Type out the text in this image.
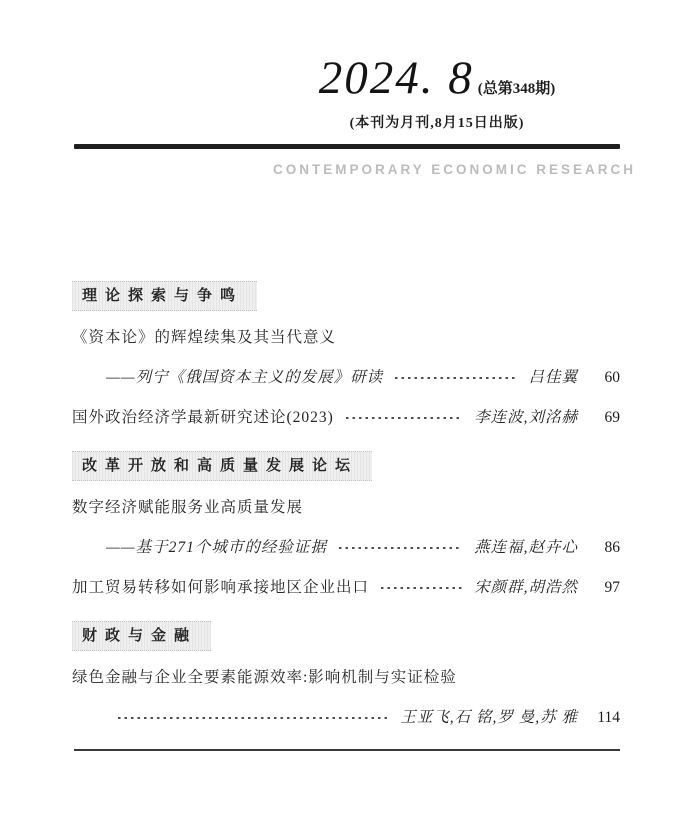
2024. 8 (总第348期)
(本刊为月刊,8月15日出版)
CONTEMPORARY ECONOMIC RESEARCH
理论探索与争鸣
《资本论》的辉煌续集及其当代意义
——列宁《俄国资本主义的发展》研读	吕佳翼	60
国外政治经济学最新研究述论(2023)	李连波,刘洺赫	69
改革开放和高质量发展论坛
数字经济赋能服务业高质量发展
——基于271个城市的经验证据	燕连福,赵卉心	86
加工贸易转移如何影响承接地区企业出口	宋颜群,胡浩然	97
财政与金融
绿色金融与企业全要素能源效率:影响机制与实证检验
王亚飞,石 铭,罗 曼,苏 雅	114
